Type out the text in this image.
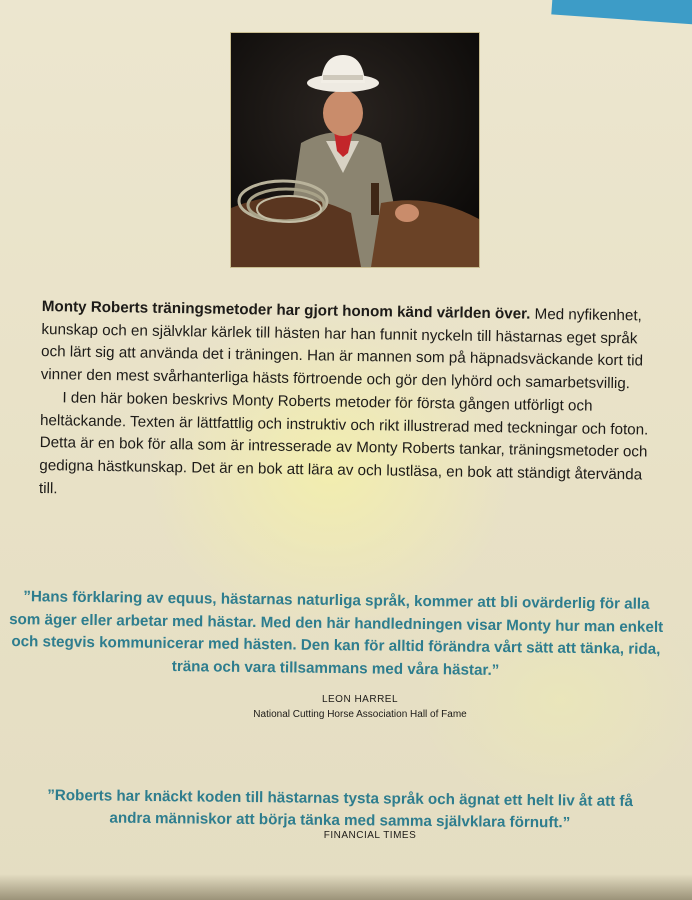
Monty Roberts träningsmetoder har gjort honom känd världen över. Med nyfikenhet, kunskap och en självklar kärlek till hästen har han funnit nyckeln till hästarnas eget språk och lärt sig att använda det i träningen. Han är mannen som på häpnadsväckande kort tid vinner den mest svårhanterliga hästs förtroende och gör den lyhörd och samarbetsvillig.

I den här boken beskrivs Monty Roberts metoder för första gången utförligt och heltäckande. Texten är lättfattlig och instruktiv och rikt illustrerad med teckningar och foton. Detta är en bok för alla som är intresserade av Monty Roberts tankar, träningsmetoder och gedigna hästkunskap. Det är en bok att lära av och lustläsa, en bok att ständigt återvända till.

”Hans förklaring av equus, hästarnas naturliga språk, kommer att bli ovärderlig för alla som äger eller arbetar med hästar. Med den här handledningen visar Monty hur man enkelt och stegvis kommunicerar med hästen. Den kan för alltid förändra vårt sätt att tänka, rida, träna och vara tillsammans med våra hästar.”
LEON HARREL
National Cutting Horse Association Hall of Fame
”Roberts har knäckt koden till hästarnas tysta språk och ägnat ett helt liv åt att få andra människor att börja tänka med samma självklara förnuft.”
FINANCIAL TIMES
